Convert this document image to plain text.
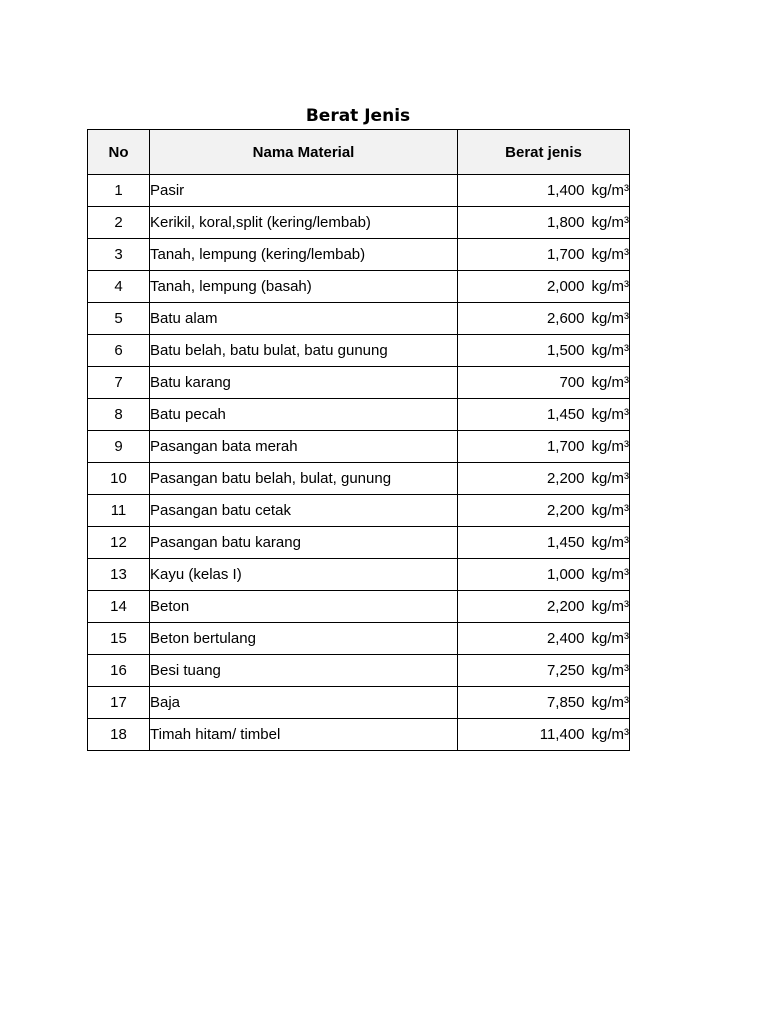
Berat Jenis
No	Nama Material	Berat jenis
1	Pasir	1,400 kg/m³
2	Kerikil, koral,split (kering/lembab)	1,800 kg/m³
3	Tanah, lempung (kering/lembab)	1,700 kg/m³
4	Tanah, lempung (basah)	2,000 kg/m³
5	Batu alam	2,600 kg/m³
6	Batu belah, batu bulat, batu gunung	1,500 kg/m³
7	Batu karang	700 kg/m³
8	Batu pecah	1,450 kg/m³
9	Pasangan bata merah	1,700 kg/m³
10	Pasangan batu belah, bulat, gunung	2,200 kg/m³
11	Pasangan batu cetak	2,200 kg/m³
12	Pasangan batu karang	1,450 kg/m³
13	Kayu (kelas I)	1,000 kg/m³
14	Beton	2,200 kg/m³
15	Beton bertulang	2,400 kg/m³
16	Besi tuang	7,250 kg/m³
17	Baja	7,850 kg/m³
18	Timah hitam/ timbel	11,400 kg/m³
